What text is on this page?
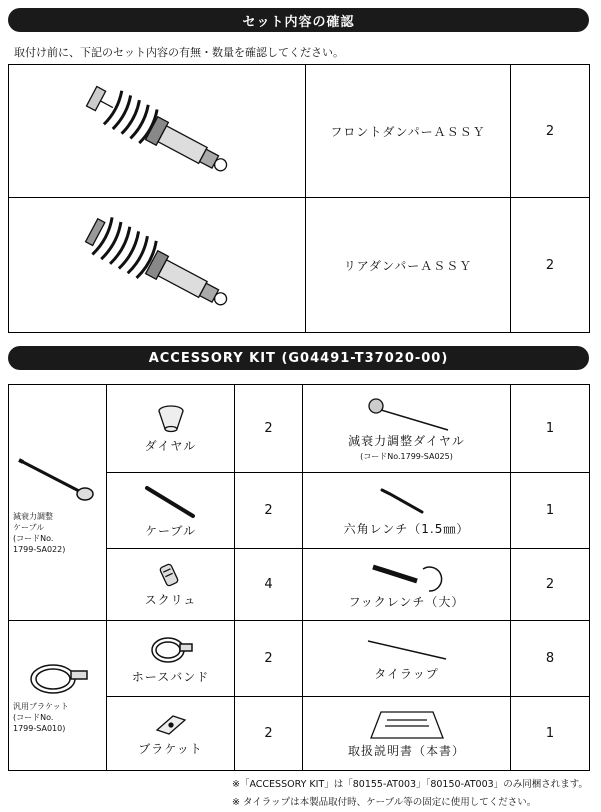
セット内容の確認
取付け前に、下記のセット内容の有無・数量を確認してください。
	フロントダンパーＡＳＳＹ	2

	リアダンパーＡＳＳＹ	2
ACCESSORY KIT (G04491-T37020-00)
減衰力調整
ケーブル
(コードNo.
1799-SA022)	ダイヤル	2	減衰力調整ダイヤル
(コードNo.1799-SA025)	1

	ケーブル	2	六角レンチ（1.5㎜）	1

	スクリュ	4	フックレンチ（大）	2

汎用ブラケット
(コードNo.
1799-SA010)	ホースバンド	2	タイラップ	8

	ブラケット	2	取扱説明書（本書）	1
※「ACCESSORY KIT」は「80155-AT003」「80150-AT003」のみ同梱されます。
※ タイラップは本製品取付時、ケーブル等の固定に使用してください。
